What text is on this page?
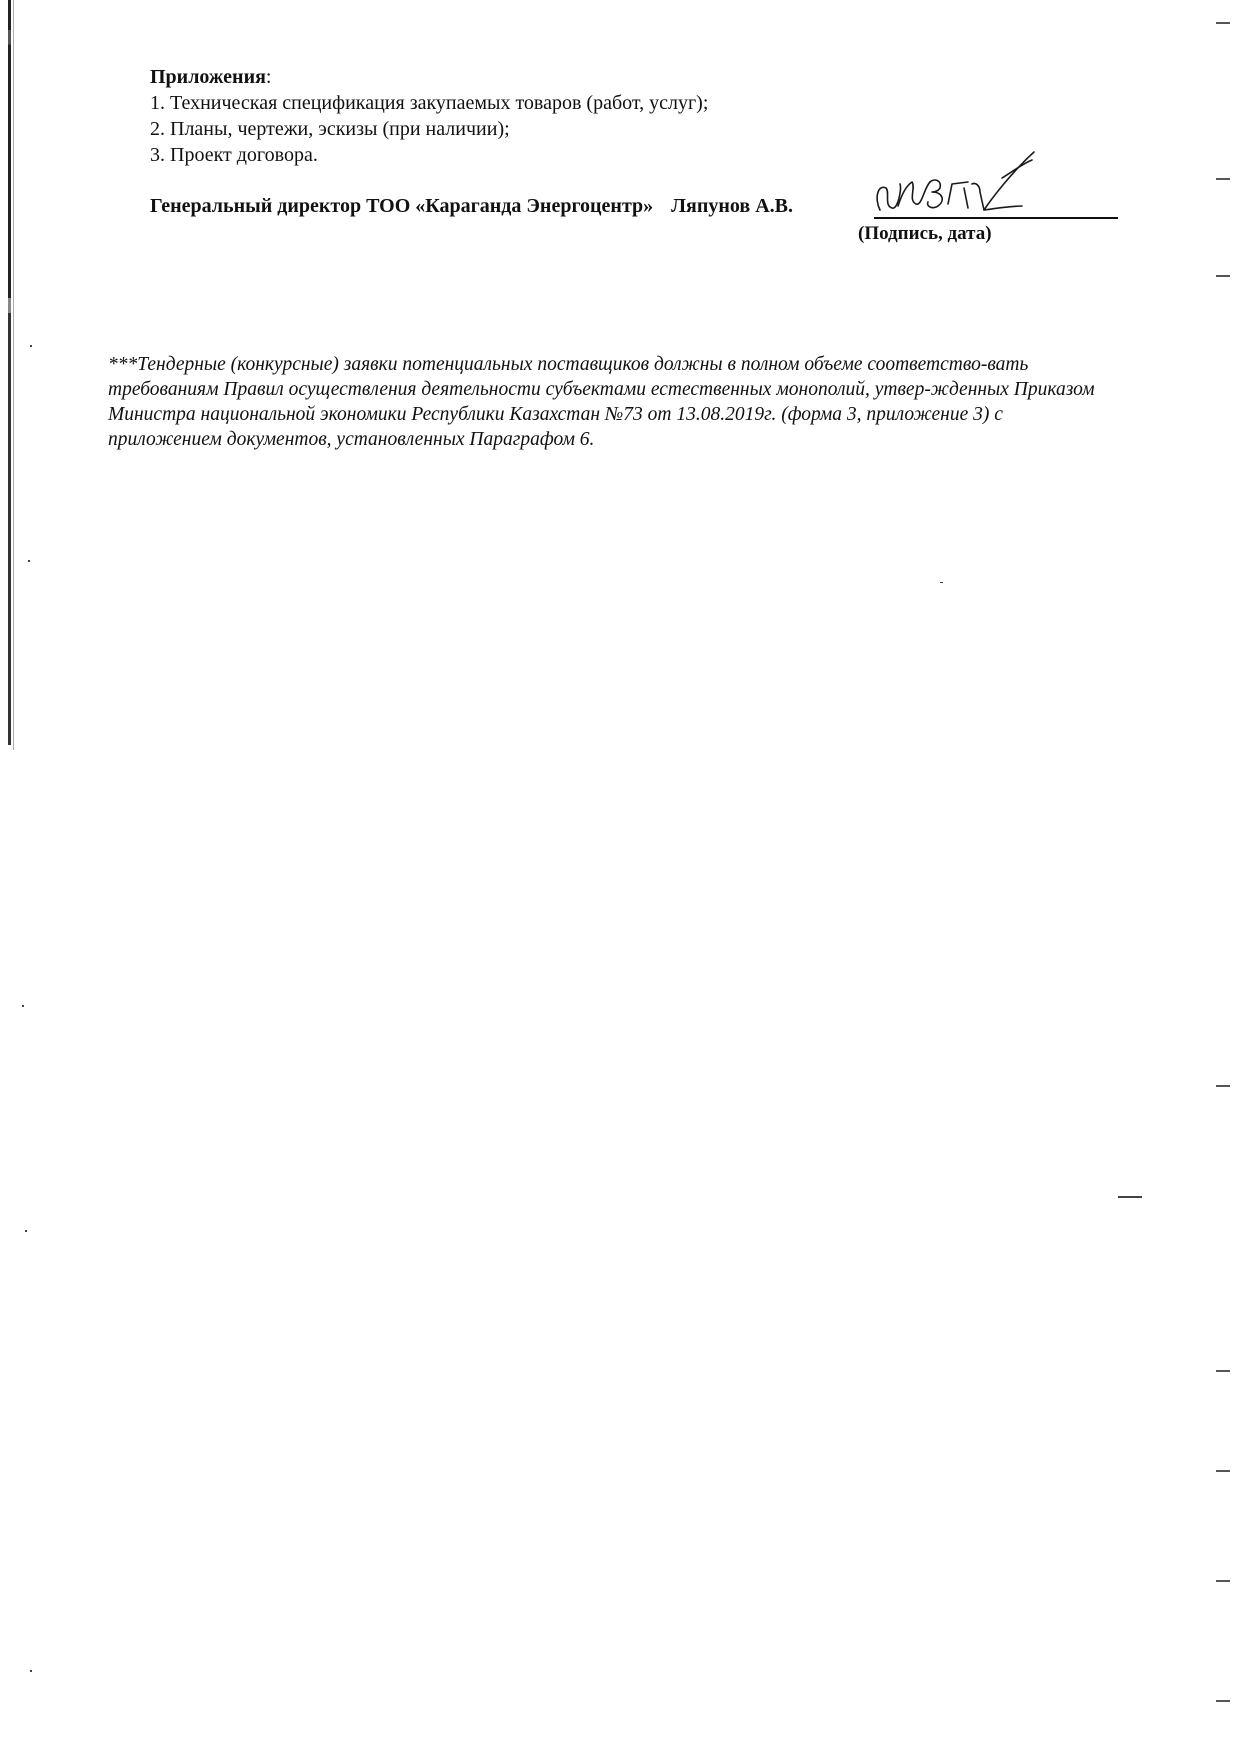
Приложения:
1. Техническая спецификация закупаемых товаров (работ, услуг);
2. Планы, чертежи, эскизы (при наличии);
3. Проект договора.
Генеральный директор ТОО «Караганда Энергоцентр» Ляпунов А.В.
(Подпись, дата)
***Тендерные (конкурсные) заявки потенциальных поставщиков должны в полном объеме соответство-вать требованиям Правил осуществления деятельности субъектами естественных монополий, утвер-жденных Приказом Министра национальной экономики Республики Казахстан №73 от 13.08.2019г. (форма 3, приложение 3) с приложением документов, установленных Параграфом 6.
